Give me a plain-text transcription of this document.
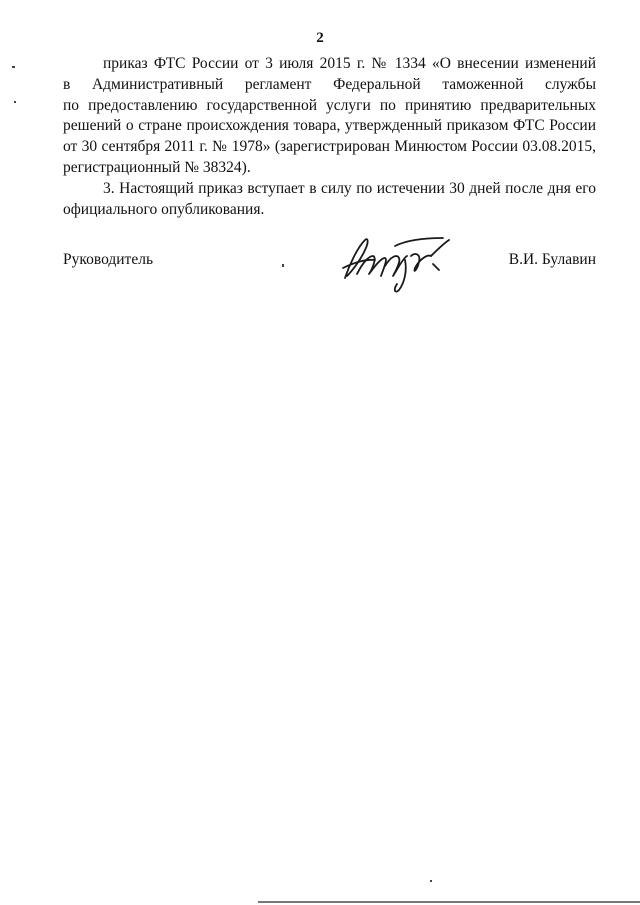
2
приказ ФТС России от 3 июля 2015 г. № 1334 «О внесении изменений
в Административный регламент Федеральной таможенной службы
по предоставлению государственной услуги по принятию предварительных
решений о стране происхождения товара, утвержденный приказом ФТС России
от 30 сентября 2011 г. № 1978» (зарегистрирован Минюстом России 03.08.2015,
регистрационный № 38324).
3. Настоящий приказ вступает в силу по истечении 30 дней после дня его
официального опубликования.
Руководитель	В.И. Булавин
